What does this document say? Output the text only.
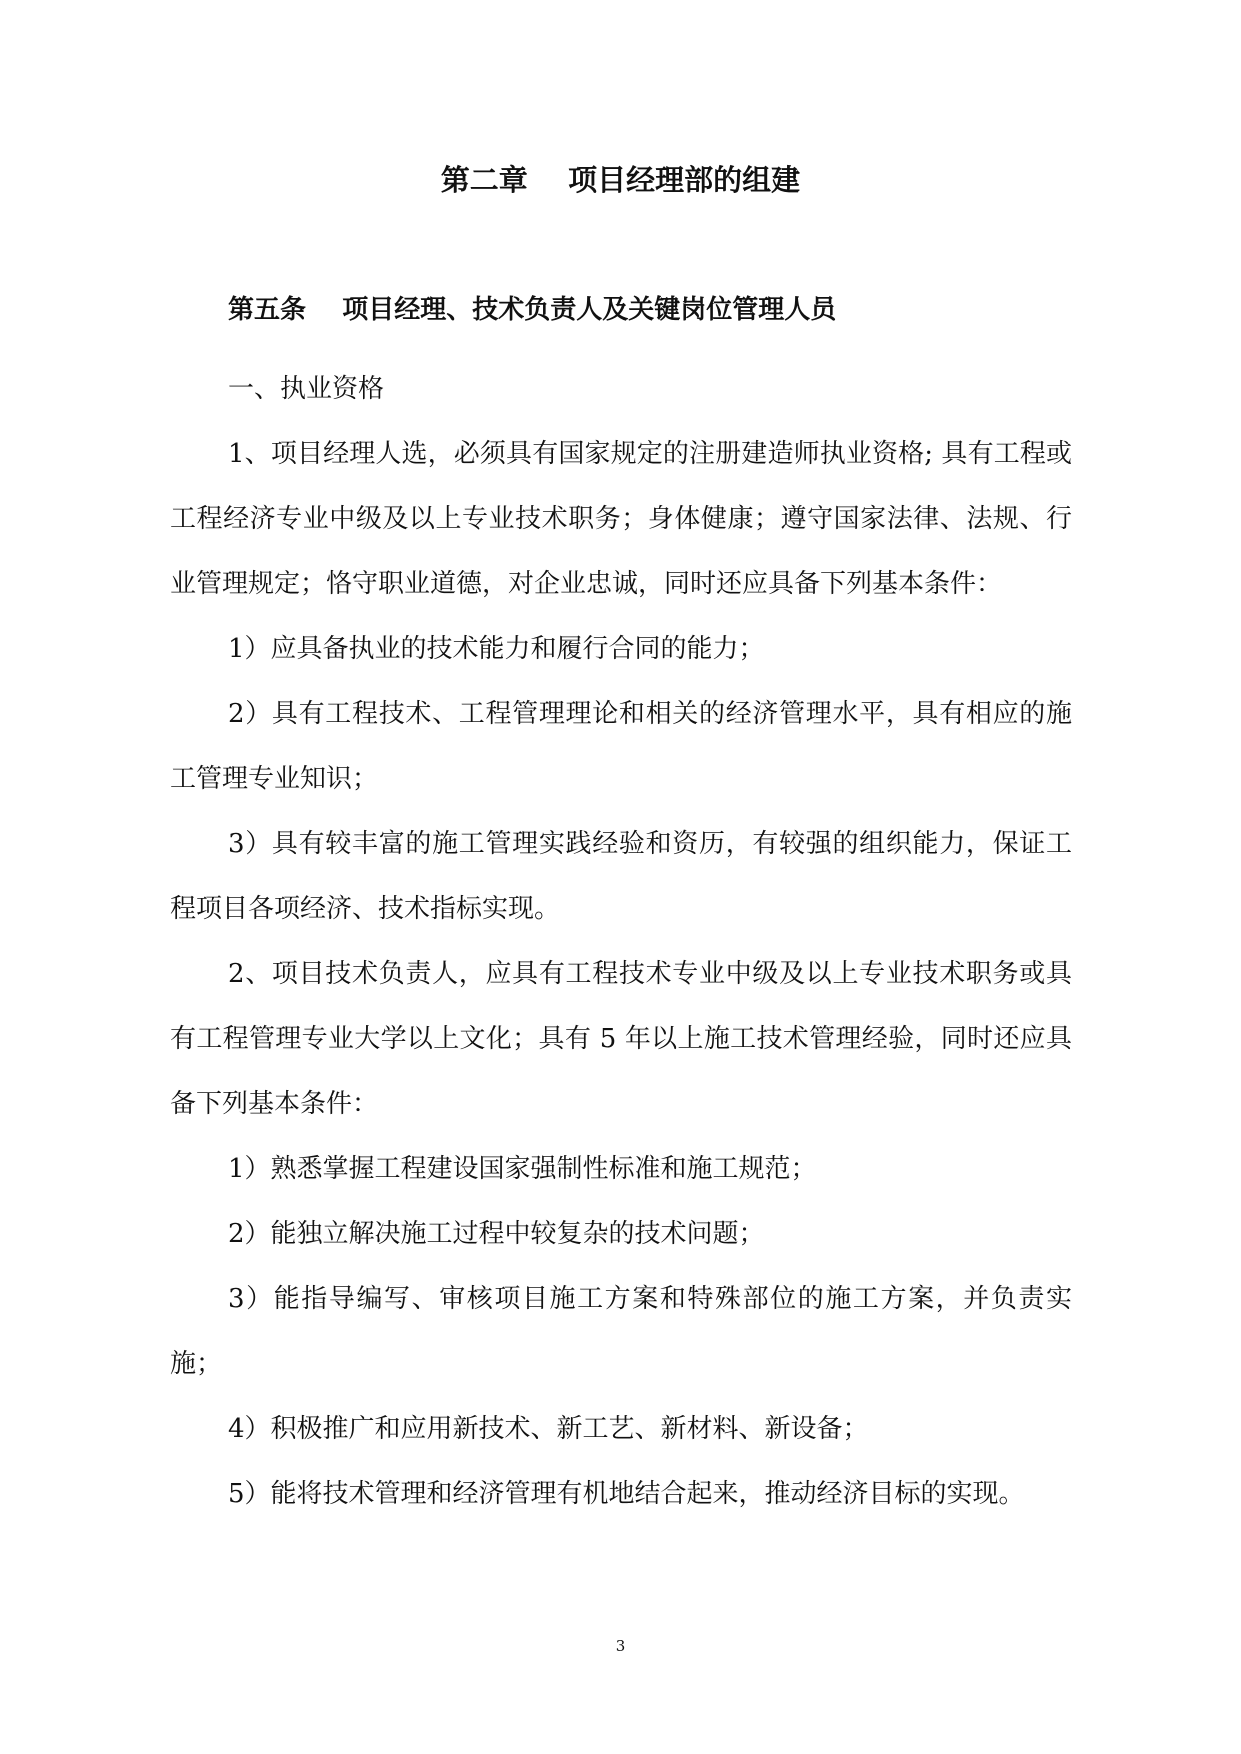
第二章    项目经理部的组建
第五条    项目经理、技术负责人及关键岗位管理人员

一、执业资格

1、项目经理人选，必须具有国家规定的注册建造师执业资格; 具有工程或工程经济专业中级及以上专业技术职务；身体健康；遵守国家法律、法规、行业管理规定；恪守职业道德，对企业忠诚，同时还应具备下列基本条件：

1）应具备执业的技术能力和履行合同的能力；

2）具有工程技术、工程管理理论和相关的经济管理水平，具有相应的施工管理专业知识；

3）具有较丰富的施工管理实践经验和资历，有较强的组织能力，保证工程项目各项经济、技术指标实现。

2、项目技术负责人，应具有工程技术专业中级及以上专业技术职务或具有工程管理专业大学以上文化；具有 5 年以上施工技术管理经验，同时还应具备下列基本条件：

1）熟悉掌握工程建设国家强制性标准和施工规范；

2）能独立解决施工过程中较复杂的技术问题；

3）能指导编写、审核项目施工方案和特殊部位的施工方案，并负责实施；

4）积极推广和应用新技术、新工艺、新材料、新设备；

5）能将技术管理和经济管理有机地结合起来，推动经济目标的实现。

3
